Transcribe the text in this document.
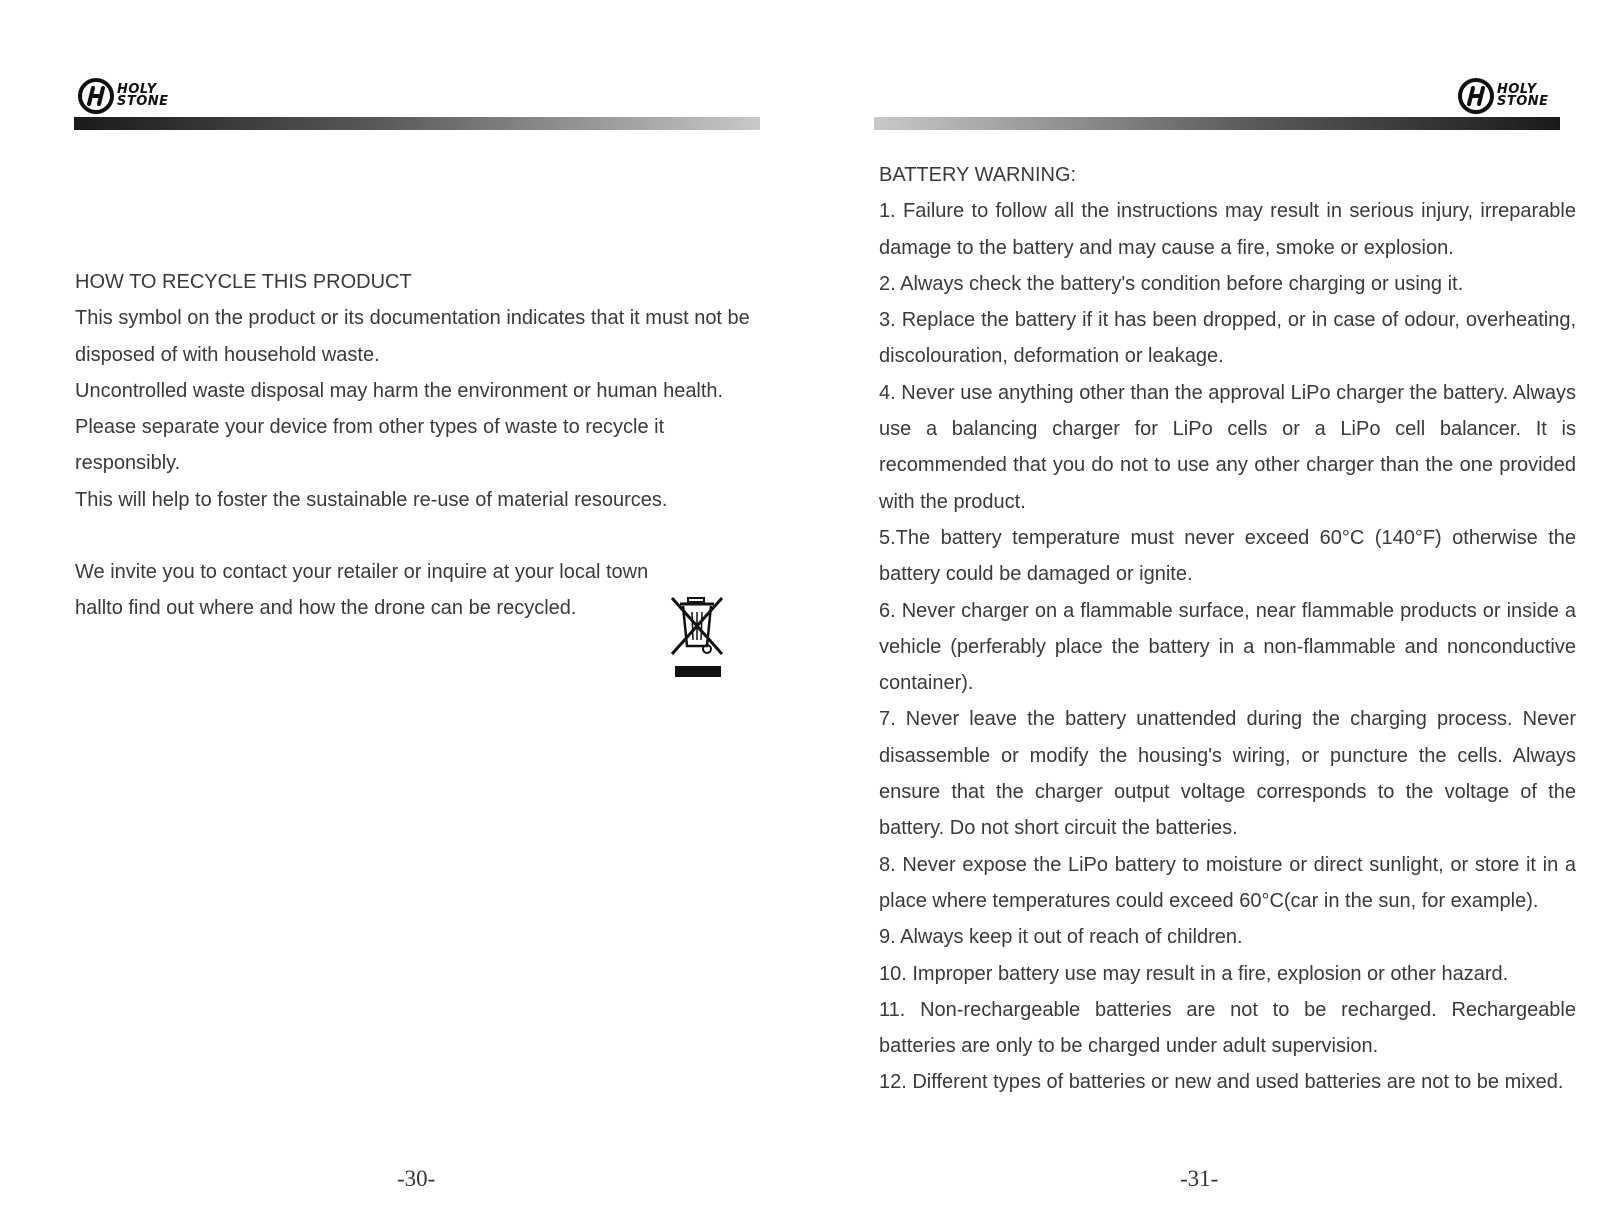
HOLY
STONE

HOW TO RECYCLE THIS PRODUCT

This symbol on the product or its documentation indicates that it must not be disposed of with household waste.

Uncontrolled waste disposal may harm the environment or human health. Please separate your device from other types of waste to recycle it responsibly.

This will help to foster the sustainable re-use of material resources.

We invite you to contact your retailer or inquire at your local town hallto find out where and how the drone can be recycled.

-30-
HOLY
STONE

BATTERY WARNING:

1. Failure to follow all the instructions may result in serious injury, irreparable damage to the battery and may cause a fire, smoke or explosion.

2. Always check the battery's condition before charging or using it.

3. Replace the battery if it has been dropped, or in case of odour, overheating, discolouration, deformation or leakage.

4. Never use anything other than the approval LiPo charger the battery. Always use a balancing charger for LiPo cells or a LiPo cell balancer. It is recommended that you do not to use any other charger than the one provided with the product.

5.The battery temperature must never exceed 60°C (140°F) otherwise the battery could be damaged or ignite.

6. Never charger on a flammable surface, near flammable products or inside a vehicle (perferably place the battery in a non-flammable and nonconductive container).

7. Never leave the battery unattended during the charging process. Never disassemble or modify the housing's wiring, or puncture the cells. Always ensure that the charger output voltage corresponds to the voltage of the battery. Do not short circuit the batteries.

8. Never expose the LiPo battery to moisture or direct sunlight, or store it in a place where temperatures could exceed 60°C(car in the sun, for example).

9. Always keep it out of reach of children.

10. Improper battery use may result in a fire, explosion or other hazard.

11. Non-rechargeable batteries are not to be recharged. Rechargeable batteries are only to be charged under adult supervision.

12. Different types of batteries or new and used batteries are not to be mixed.

-31-
